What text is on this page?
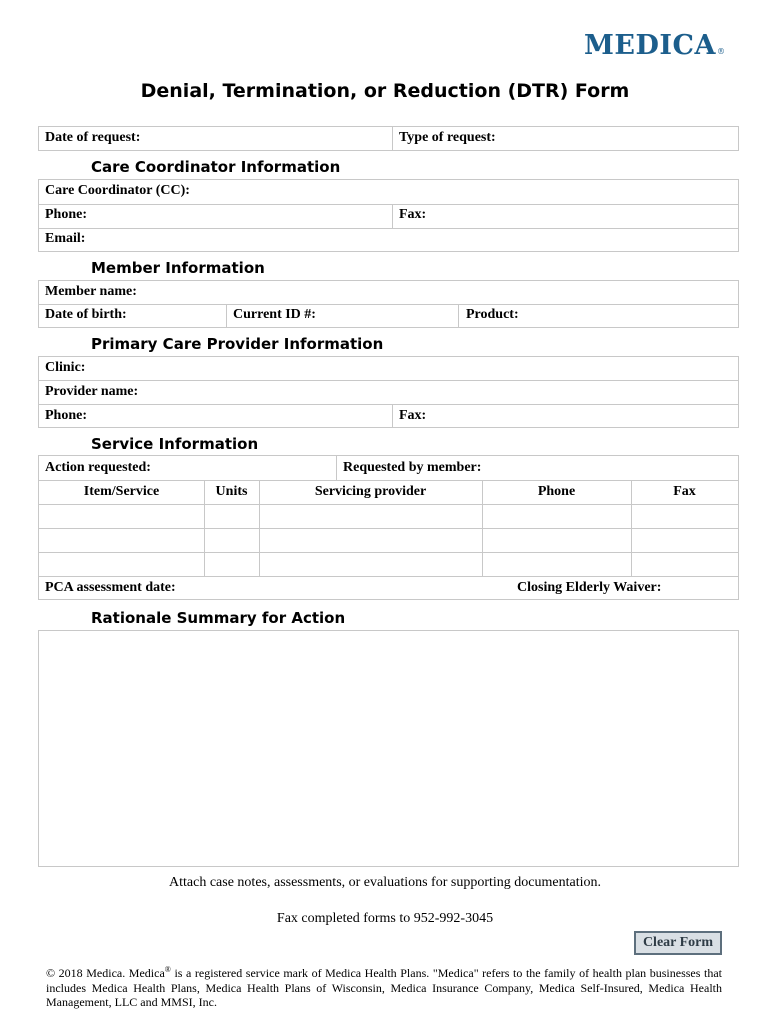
MEDICA®
Denial, Termination, or Reduction (DTR) Form
Date of request:	Type of request:
Care Coordinator Information
Care Coordinator (CC):
Phone:	Fax:
Email:
Member Information
Member name:
Date of birth:	Current ID #:	Product:
Primary Care Provider Information
Clinic:
Provider name:
Phone:	Fax:
Service Information
Action requested:	Requested by member:
Item/Service	Units	Servicing provider	Phone	Fax
PCA assessment date:	Closing Elderly Waiver:
Rationale Summary for Action
Attach case notes, assessments, or evaluations for supporting documentation.
Fax completed forms to 952-992-3045
Clear Form
© 2018 Medica. Medica® is a registered service mark of Medica Health Plans. "Medica" refers to the family of health plan businesses that includes Medica Health Plans, Medica Health Plans of Wisconsin, Medica Insurance Company, Medica Self-Insured, Medica Health Management, LLC and MMSI, Inc.
